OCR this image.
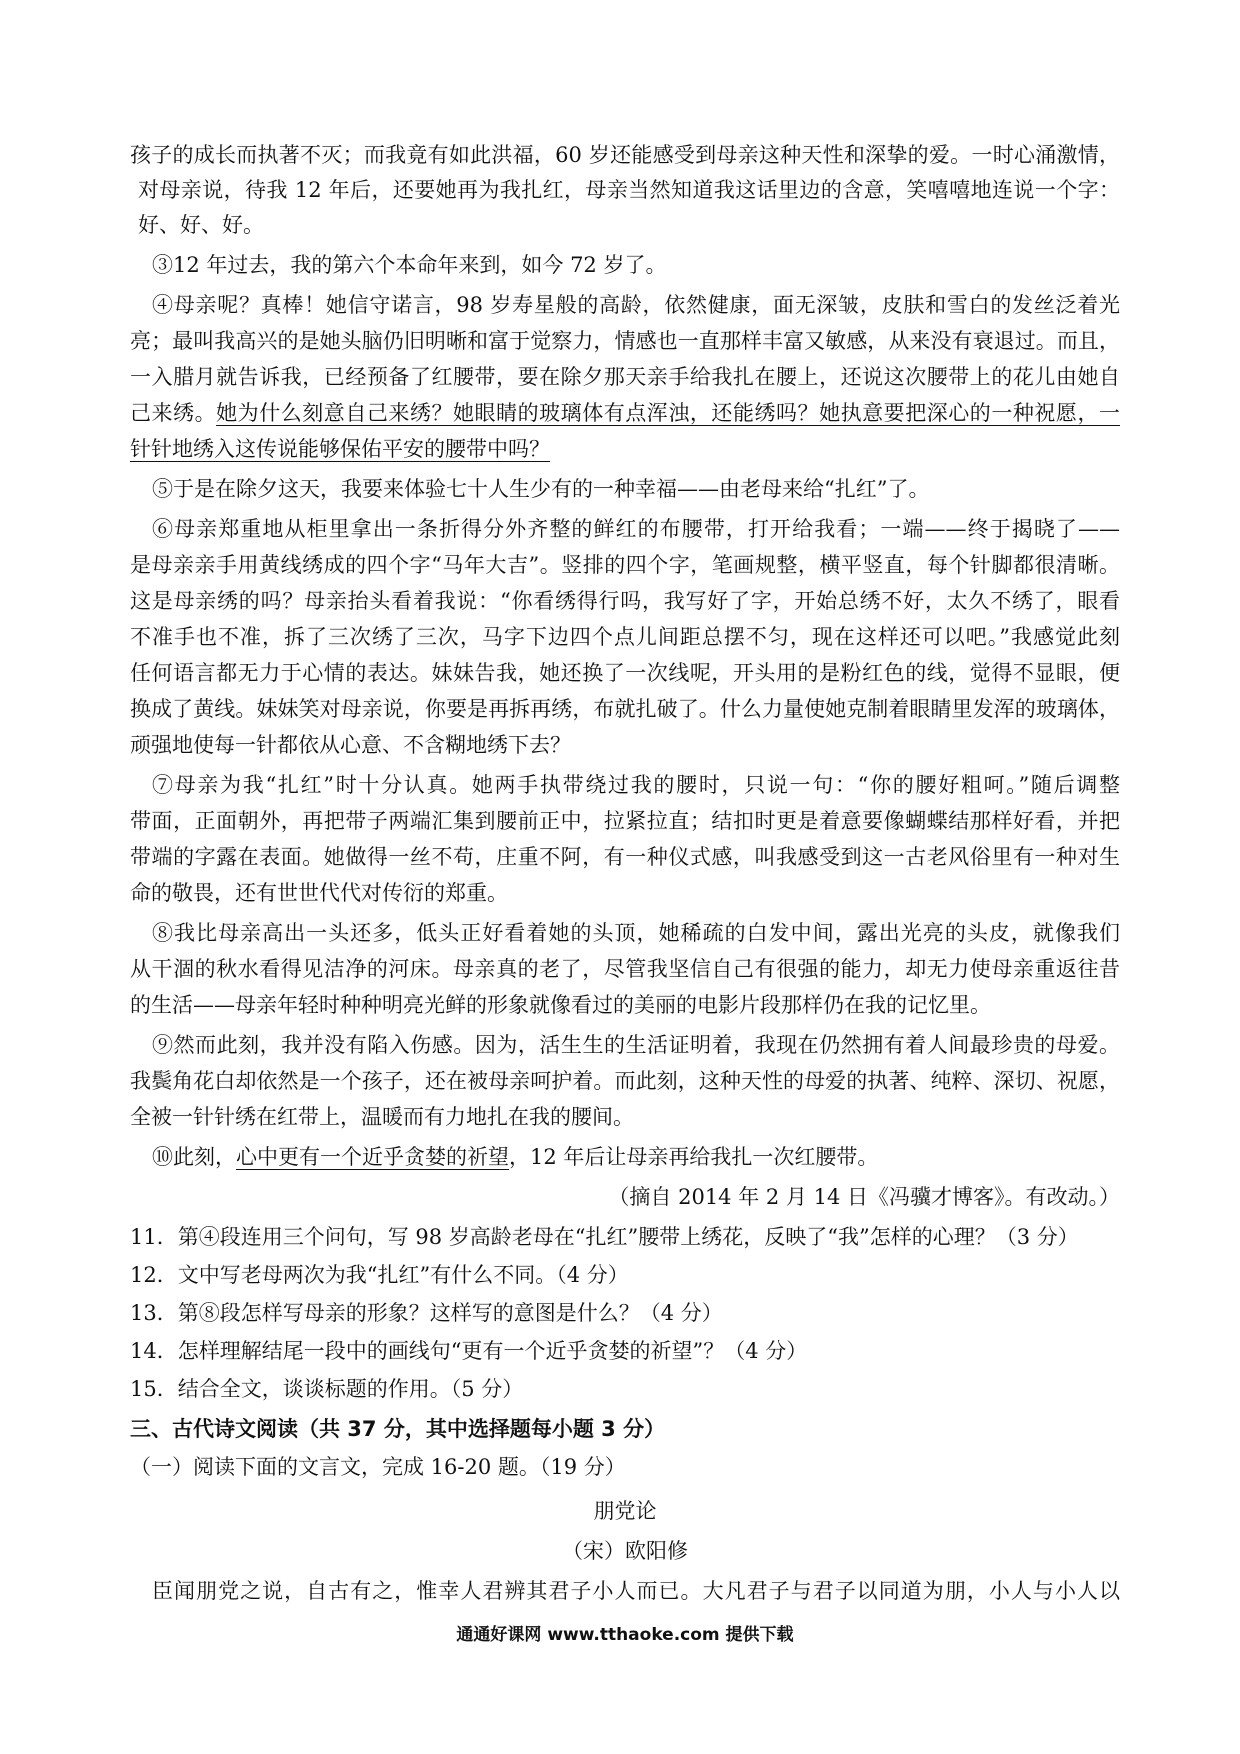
孩子的成长而执著不灭；而我竟有如此洪福，60 岁还能感受到母亲这种天性和深挚的爱。一时心涌激情，
对母亲说，待我 12 年后，还要她再为我扎红，母亲当然知道我这话里边的含意，笑嘻嘻地连说一个字：
好、好、好。
③12 年过去，我的第六个本命年来到，如今 72 岁了。
④母亲呢？真棒！她信守诺言，98 岁寿星般的高龄，依然健康，面无深皱，皮肤和雪白的发丝泛着光
亮；最叫我高兴的是她头脑仍旧明晰和富于觉察力，情感也一直那样丰富又敏感，从来没有衰退过。而且，
一入腊月就告诉我，已经预备了红腰带，要在除夕那天亲手给我扎在腰上，还说这次腰带上的花儿由她自
己来绣。她为什么刻意自己来绣？她眼睛的玻璃体有点浑浊，还能绣吗？她执意要把深心的一种祝愿，一
针针地绣入这传说能够保佑平安的腰带中吗？
⑤于是在除夕这天，我要来体验七十人生少有的一种幸福——由老母来给“扎红”了。
⑥母亲郑重地从柜里拿出一条折得分外齐整的鲜红的布腰带，打开给我看；一端——终于揭晓了——
是母亲亲手用黄线绣成的四个字“马年大吉”。竖排的四个字，笔画规整，横平竖直，每个针脚都很清晰。
这是母亲绣的吗？母亲抬头看着我说：“你看绣得行吗，我写好了字，开始总绣不好，太久不绣了，眼看
不准手也不准，拆了三次绣了三次，马字下边四个点儿间距总摆不匀，现在这样还可以吧。”我感觉此刻
任何语言都无力于心情的表达。妹妹告我，她还换了一次线呢，开头用的是粉红色的线，觉得不显眼，便
换成了黄线。妹妹笑对母亲说，你要是再拆再绣，布就扎破了。什么力量使她克制着眼睛里发浑的玻璃体，
顽强地使每一针都依从心意、不含糊地绣下去？
⑦母亲为我“扎红”时十分认真。她两手执带绕过我的腰时，只说一句：“你的腰好粗呵。”随后调整
带面，正面朝外，再把带子两端汇集到腰前正中，拉紧拉直；结扣时更是着意要像蝴蝶结那样好看，并把
带端的字露在表面。她做得一丝不苟，庄重不阿，有一种仪式感，叫我感受到这一古老风俗里有一种对生
命的敬畏，还有世世代代对传衍的郑重。
⑧我比母亲高出一头还多，低头正好看着她的头顶，她稀疏的白发中间，露出光亮的头皮，就像我们
从干涸的秋水看得见洁净的河床。母亲真的老了，尽管我坚信自己有很强的能力，却无力使母亲重返往昔
的生活——母亲年轻时种种明亮光鲜的形象就像看过的美丽的电影片段那样仍在我的记忆里。
⑨然而此刻，我并没有陷入伤感。因为，活生生的生活证明着，我现在仍然拥有着人间最珍贵的母爱。
我鬓角花白却依然是一个孩子，还在被母亲呵护着。而此刻，这种天性的母爱的执著、纯粹、深切、祝愿，
全被一针针绣在红带上，温暖而有力地扎在我的腰间。
⑩此刻，心中更有一个近乎贪婪的祈望，12 年后让母亲再给我扎一次红腰带。
（摘自 2014 年 2 月 14 日《冯骥才博客》。有改动。）
11．第④段连用三个问句，写 98 岁高龄老母在“扎红”腰带上绣花，反映了“我”怎样的心理？（3 分）
12．文中写老母两次为我“扎红”有什么不同。（4 分）
13．第⑧段怎样写母亲的形象？这样写的意图是什么？（4 分）
14．怎样理解结尾一段中的画线句“更有一个近乎贪婪的祈望”？（4 分）
15．结合全文，谈谈标题的作用。（5 分）
三、古代诗文阅读（共 37 分，其中选择题每小题 3 分）
（一）阅读下面的文言文，完成 16-20 题。（19 分）
朋党论
（宋）欧阳修
臣闻朋党之说，自古有之，惟幸人君辨其君子小人而已。大凡君子与君子以同道为朋，小人与小人以
通通好课网 www.tthaoke.com 提供下载
